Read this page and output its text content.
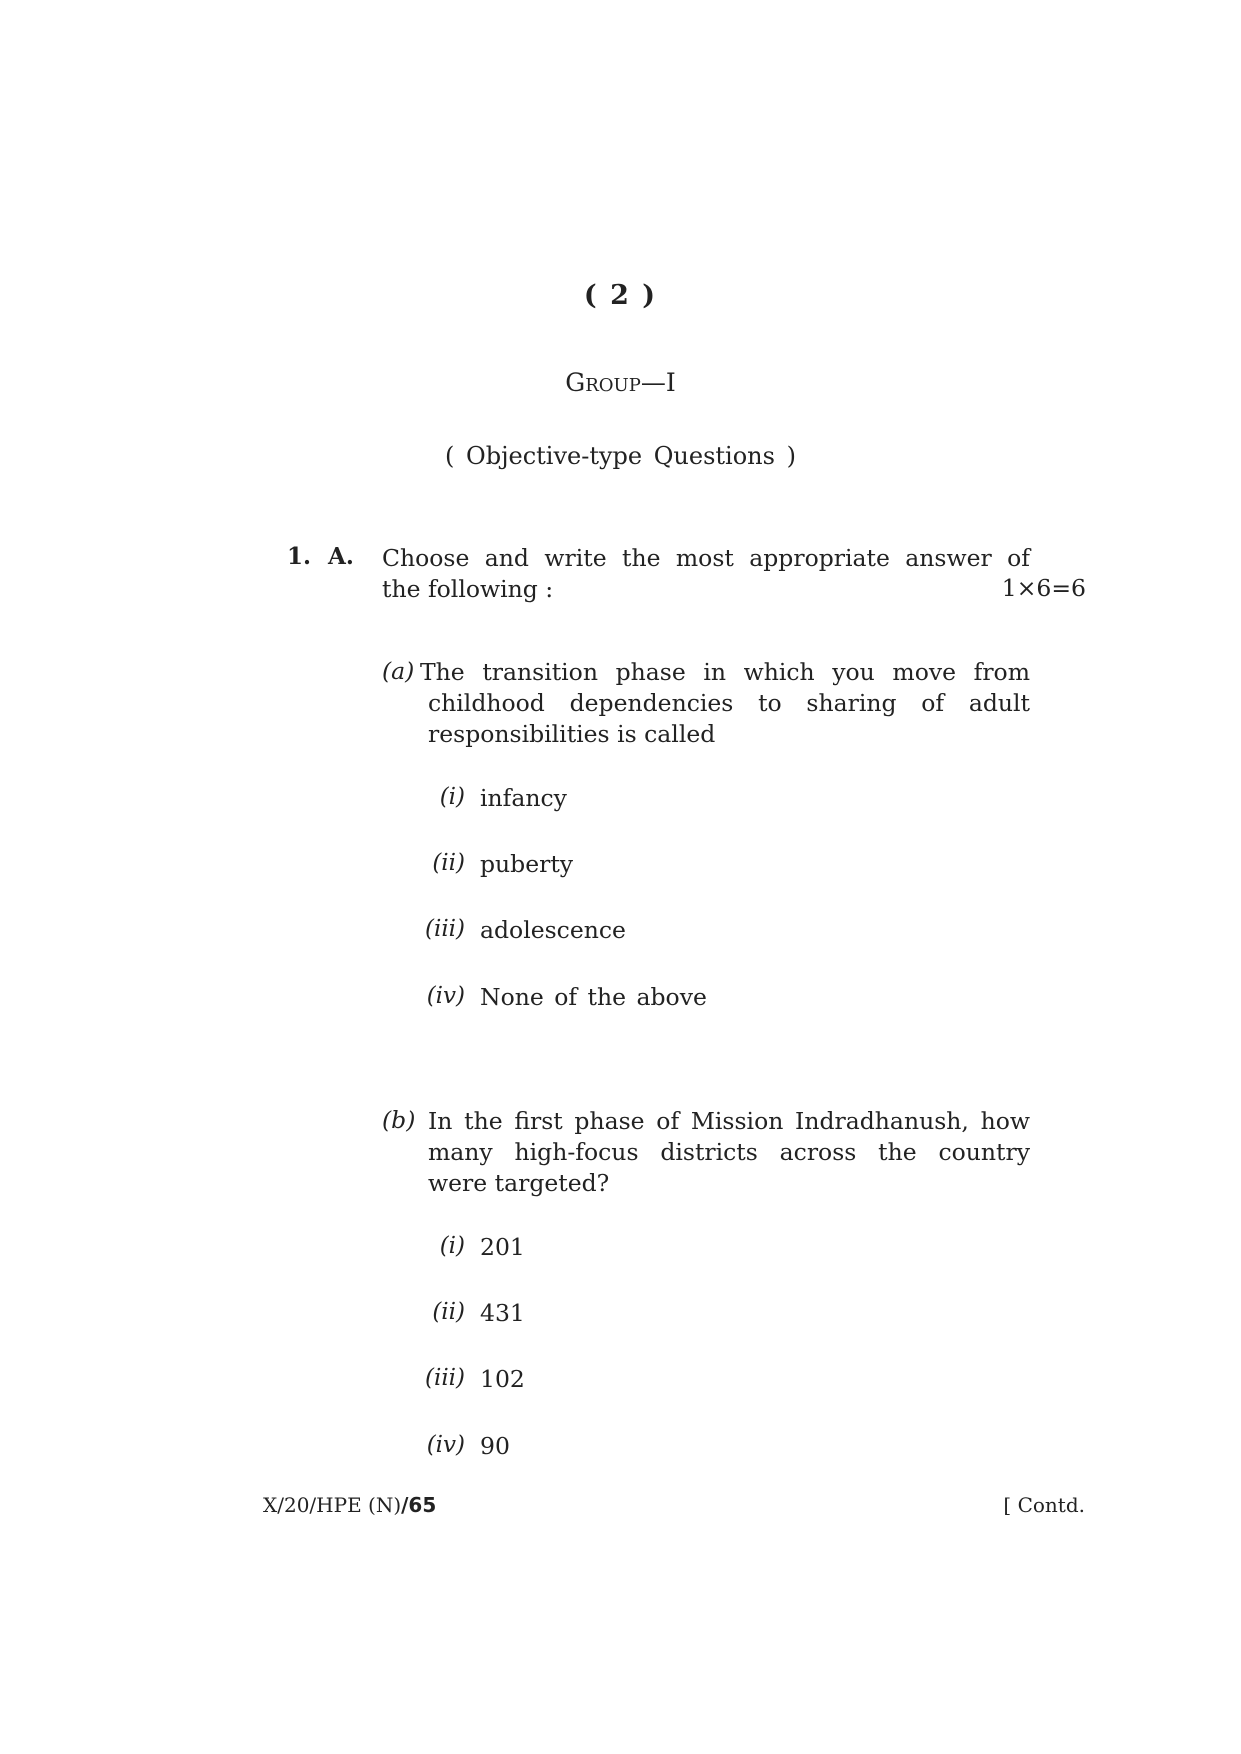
( 2 )
Group—I
( Objective-type Questions )
1. A. Choose and write the most appropriate answer of
the following :	1×6=6
(a) The transition phase in which you move from
childhood dependencies to sharing of adult
responsibilities is called
(i) infancy
(ii) puberty
(iii) adolescence
(iv) None of the above
(b) In the first phase of Mission Indradhanush, how
many high-focus districts across the country
were targeted?
(i) 201
(ii) 431
(iii) 102
(iv) 90
X/20/HPE (N)/65	[ Contd.
